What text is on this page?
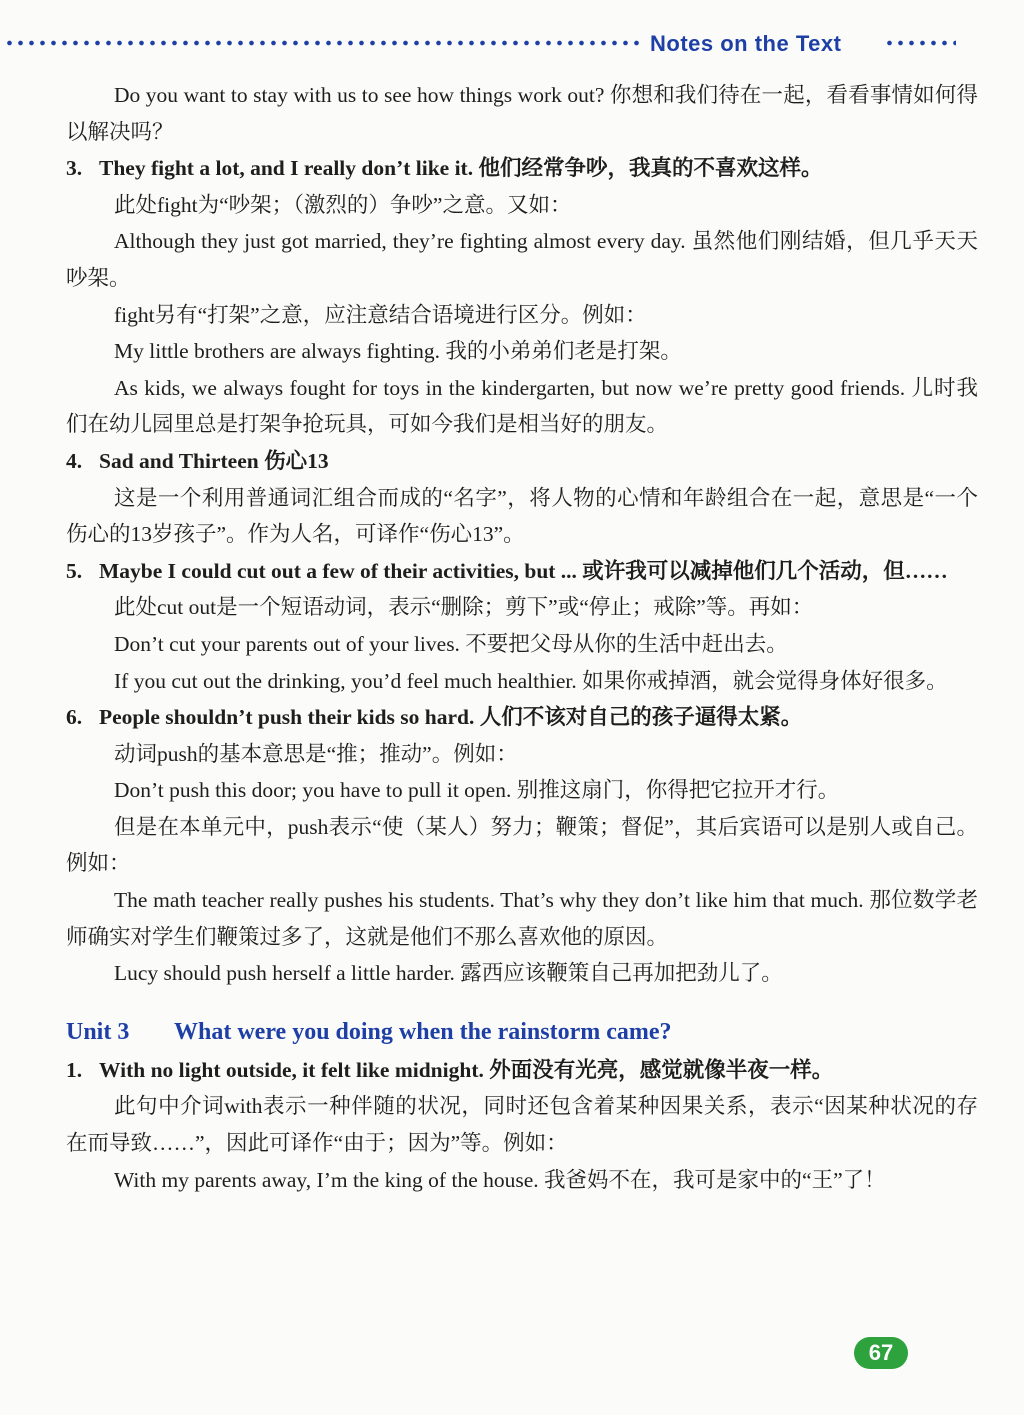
Notes on the Text

Do you want to stay with us to see how things work out? 你想和我们待在一起，看看事情如何得以解决吗？

3. They fight a lot, and I really don’t like it. 他们经常争吵，我真的不喜欢这样。

此处fight为“吵架；（激烈的）争吵”之意。又如：

Although they just got married, they’re fighting almost every day. 虽然他们刚结婚，但几乎天天吵架。

fight另有“打架”之意，应注意结合语境进行区分。例如：

My little brothers are always fighting. 我的小弟弟们老是打架。

As kids, we always fought for toys in the kindergarten, but now we’re pretty good friends. 儿时我们在幼儿园里总是打架争抢玩具，可如今我们是相当好的朋友。

4. Sad and Thirteen 伤心13

这是一个利用普通词汇组合而成的“名字”，将人物的心情和年龄组合在一起，意思是“一个伤心的13岁孩子”。作为人名，可译作“伤心13”。

5. Maybe I could cut out a few of their activities, but ... 或许我可以减掉他们几个活动，但……

此处cut out是一个短语动词，表示“删除；剪下”或“停止；戒除”等。再如：

Don’t cut your parents out of your lives. 不要把父母从你的生活中赶出去。

If you cut out the drinking, you’d feel much healthier. 如果你戒掉酒，就会觉得身体好很多。

6. People shouldn’t push their kids so hard. 人们不该对自己的孩子逼得太紧。

动词push的基本意思是“推；推动”。例如：

Don’t push this door; you have to pull it open. 别推这扇门，你得把它拉开才行。

但是在本单元中，push表示“使（某人）努力；鞭策；督促”，其后宾语可以是别人或自己。例如：

The math teacher really pushes his students. That’s why they don’t like him that much. 那位数学老师确实对学生们鞭策过多了，这就是他们不那么喜欢他的原因。

Lucy should push herself a little harder. 露西应该鞭策自己再加把劲儿了。

Unit 3 What were you doing when the rainstorm came?

1. With no light outside, it felt like midnight. 外面没有光亮，感觉就像半夜一样。

此句中介词with表示一种伴随的状况，同时还包含着某种因果关系，表示“因某种状况的存在而导致……”，因此可译作“由于；因为”等。例如：

With my parents away, I’m the king of the house. 我爸妈不在，我可是家中的“王”了！

67
